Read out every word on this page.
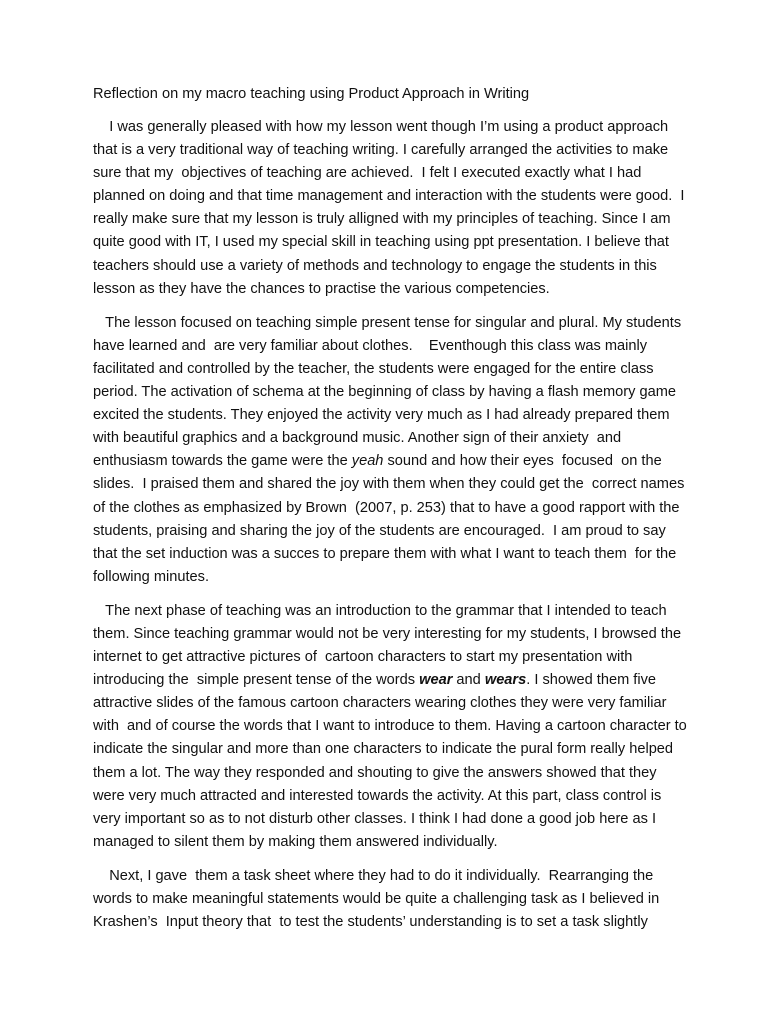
Reflection on my macro teaching using Product Approach in Writing

I was generally pleased with how my lesson went though I’m using a product approach
that is a very traditional way of teaching writing. I carefully arranged the activities to make
sure that my  objectives of teaching are achieved.  I felt I executed exactly what I had
planned on doing and that time management and interaction with the students were good.  I
really make sure that my lesson is truly alligned with my principles of teaching. Since I am
quite good with IT, I used my special skill in teaching using ppt presentation. I believe that
teachers should use a variety of methods and technology to engage the students in this
lesson as they have the chances to practise the various competencies.

The lesson focused on teaching simple present tense for singular and plural. My students
have learned and  are very familiar about clothes.    Eventhough this class was mainly
facilitated and controlled by the teacher, the students were engaged for the entire class
period. The activation of schema at the beginning of class by having a flash memory game
excited the students. They enjoyed the activity very much as I had already prepared them
with beautiful graphics and a background music. Another sign of their anxiety  and
enthusiasm towards the game were the yeah sound and how their eyes  focused  on the
slides.  I praised them and shared the joy with them when they could get the  correct names
of the clothes as emphasized by Brown  (2007, p. 253) that to have a good rapport with the
students, praising and sharing the joy of the students are encouraged.  I am proud to say
that the set induction was a succes to prepare them with what I want to teach them  for the
following minutes.

The next phase of teaching was an introduction to the grammar that I intended to teach
them. Since teaching grammar would not be very interesting for my students, I browsed the
internet to get attractive pictures of  cartoon characters to start my presentation with
introducing the  simple present tense of the words wear and wears. I showed them five
attractive slides of the famous cartoon characters wearing clothes they were very familiar
with  and of course the words that I want to introduce to them. Having a cartoon character to
indicate the singular and more than one characters to indicate the pural form really helped
them a lot. The way they responded and shouting to give the answers showed that they
were very much attracted and interested towards the activity. At this part, class control is
very important so as to not disturb other classes. I think I had done a good job here as I
managed to silent them by making them answered individually.

Next, I gave  them a task sheet where they had to do it individually.  Rearranging the
words to make meaningful statements would be quite a challenging task as I believed in
Krashen’s  Input theory that  to test the students’ understanding is to set a task slightly
